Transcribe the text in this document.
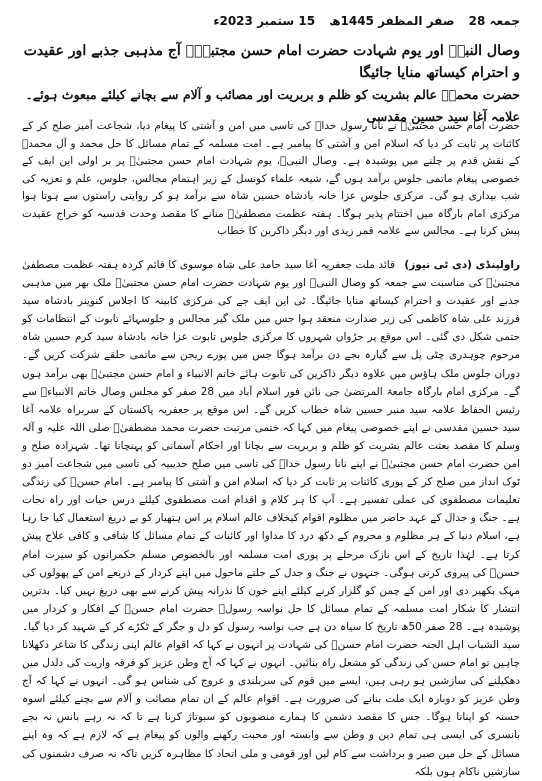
جمعہ 28 صفر المظفر 1445ھ 15 ستمبر 2023ء

وصال النبیؐ اور یوم شہادت حضرت امام حسن مجتبیٰؑ آج مذہبی جذبے اور عقیدت و احترام کیساتھ منایا جائیگا

حضرت محمدؐ عالم بشریت کو ظلم و بربریت اور مصائب و آلام سے بچانے کیلئے مبعوث ہوئے۔ علامہ آغا سید حسین مقدسی

حضرت امام حسن مجتبیٰؑ نے نانا رسول خداؐ کی تاسی میں امن و آشتی کا پیغام دیا، شجاعت آمیز صلح کر کے کائنات پر ثابت کر دیا کہ اسلام امن و آشتی کا پیامبر ہے۔ امت مسلمہ کے تمام مسائل کا حل محمد و آل محمدؐ کے نقش قدم پر چلنے میں پوشیدہ ہے۔ وصال النبیؐ، یوم شہادت امام حسن مجتبیٰؑ پر بر اولی این ایف کے خصوصی پیغام ماتمی جلوس برآمد ہوں گے، شیعہ علماء کونسل کے زیر اہتمام مجالس، جلوس، علم و تعزیہ کی شب بیداری ہو گی۔ مرکزی جلوس عزا خانہ بادشاہ حسین شاہ سے برآمد ہو کر روایتی راستوں سے ہوتا ہوا مرکزی امام بارگاہ میں اختتام پذیر ہوگا۔ ہفتہ عظمت مصطفیٰؐ منانے کا مقصد وحدت قدسیہ کو خراج عقیدت پیش کرنا ہے۔ مجالس سے علامہ قمر زیدی اور دیگر ذاکرین کا خطاب

راولپنڈی (دی ٹی نیوز) قائد ملت جعفریہ آغا سید حامد علی شاہ موسوی کا قائم کردہ ہفتہ عظمت مصطفیٰ مجتبیٰؑ کی مناسبت سے جمعہ کو وصال النبیؐ اور یوم شہادت حضرت امام حسن مجتبیٰؑ ملک بھر میں مذہبی جذبے اور عقیدت و احترام کیساتھ منایا جائیگا۔ ٹی این ایف جے کی مرکزی کابینہ کا اجلاس کنوینر بادشاہ سید فرزند علی شاہ کاظمی کی زیر صدارت منعقد ہوا جس میں ملک گیر مجالس و جلوسہائے تابوت کے انتظامات کو حتمی شکل دی گئی۔ اس موقع پر جڑواں شہروں کا مرکزی جلوس تابوت عزا خانہ بادشاہ سید کرم حسین شاہ مرحوم چوہدری چٹی پل سے گیارہ بجے دن برآمد ہوگا جس میں پورے ریجن سے ماتمی حلقے شرکت کریں گے۔ دوران جلوس ملک ہاؤس میں علاوہ دیگر ذاکرین کی تابوت ہائے خاتم الانبیاء و امام حسن مجتبیٰؑ بھی برآمد ہوں گے۔ مرکزی امام بارگاہ جامعۃ المرتضیٰ جی نائن فور اسلام آباد میں 28 صفر کو مجلس وصال خاتم الانبیاءؐ سے رئیس الحفاظ علامہ سید منیر حسین شاہ خطاب کریں گے۔ اس موقع پر جعفریہ پاکستان کے سربراہ علامہ آغا سید حسین مقدسی نے اپنے خصوصی پیغام میں کہا کہ ختمی مرتبت حضرت محمد مصطفیٰؐ صلی اللہ علیہ و آلہ وسلم کا مقصد بعثت عالم بشریت کو ظلم و بربریت سے بچانا اور احکام آسمانی کو پہنچانا تھا۔ شہزادہ صلح و امن حضرت امام حسن مجتبیٰؑ نے اپنے نانا رسول خداؐ کی تاسی میں صلح حدیبیہ کی تاسی میں شجاعت آمیز دو ٹوک انداز میں صلح کر کے پوری کائنات پر ثابت کر دیا کہ اسلام امن و آشتی کا پیامبر ہے۔ امام حسنؑ کی زندگی تعلیمات مصطفوی کی عملی تفسیر ہے۔ آپ کا ہر کلام و اقدام امت مصطفوی کیلئے درس حیات اور راہ نجات ہے۔ جنگ و جدال کے عہد حاضر میں مظلوم اقوام کیخلاف عالم اسلام پر اس ہتھیار کو بے دریغ استعمال کیا جا رہا ہے، اسلام دنیا کے ہر مظلوم و محروم کے دکھ درد کا مداوا اور کائنات کے تمام مسائل کا شافی و کافی علاج پیش کرتا ہے۔ لہٰذا تاریخ کے اس نازک مرحلے پر پوری امت مسلمہ اور بالخصوص مسلم حکمرانوں کو سیرت امام حسنؑ کی پیروی کرنی ہوگی۔ جنہوں نے جنگ و جدل کے جلتے ماحول میں اپنے کردار کے ذریعے امن کے پھولوں کی مہک بکھیر دی اور امن کے چمن کو گلزار کرنے کیلئے اپنے خون کا نذرانہ پیش کرنے سے بھی دریغ نہیں کیا۔ بدترین انتشار کا شکار امت مسلمہ کے تمام مسائل کا حل نواسہ رسولؐ حضرت امام حسنؑ کے افکار و کردار میں پوشیدہ ہے۔ 28 صفر 50ھ تاریخ کا سیاہ دن ہے جب نواسہ رسول کو دل و جگر کے ٹکڑے کر کے شہید کر دیا گیا۔ سید الشباب اہل الجنہ حضرت امام حسنؑ کی شہادت پر انہوں نے کہا کہ اقوام عالم اپنی زندگی کا شاعر دکھلانا چاہیں تو امام حسن کی زندگی کو مشعل راہ بنائیں۔ انہوں نے کہا کہ آج وطن عزیز کو فرقہ واریت کی دلدل میں دھکیلنے کی سازشیں ہو رہی ہیں، ایسے میں قوم کی سربلندی و عروج کی شناس ہو گی۔ انہوں نے کہا کہ آج وطن عزیز کو دوبارہ ایک ملت بنانے کی ضرورت ہے۔ اقوام عالم کے ان تمام مصائب و آلام سے بچنے کیلئے اسوہ حسنہ کو اپنانا ہوگا۔ جس کا مقصد دشمن کا ہمارے منصوبوں کو سبوتاژ کرنا ہے تا کہ نہ رہے بانس نہ بجے بانسری کی ایسی ہی تمام دین و وطن سے وابستہ اور محبت رکھنے والوں کو پیغام ہے کہ لازم ہے کہ وہ اپنے مسائل کے حل میں صبر و برداشت سے کام لیں اور قومی و ملی اتحاد کا مظاہرہ کریں تاکہ نہ صرف دشمنوں کی سازشیں ناکام ہوں بلکہ
